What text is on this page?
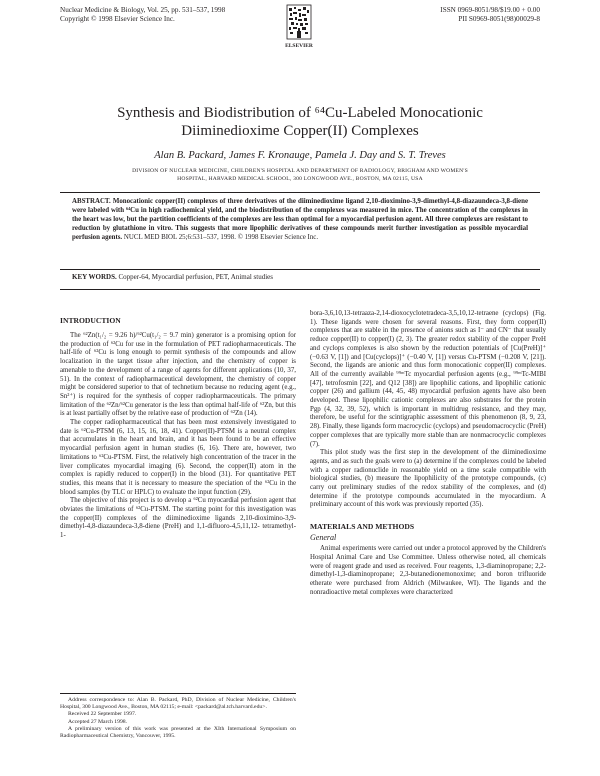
Nuclear Medicine & Biology, Vol. 25, pp. 531–537, 1998
Copyright © 1998 Elsevier Science Inc.
ELSEVIER
ISSN 0969-8051/98/$19.00 + 0.00
PII S0969-8051(98)00029-8
Synthesis and Biodistribution of ⁶⁴Cu-Labeled Monocationic
Diiminedioxime Copper(II) Complexes
Alan B. Packard, James F. Kronauge, Pamela J. Day and S. T. Treves
DIVISION OF NUCLEAR MEDICINE, CHILDREN'S HOSPITAL AND DEPARTMENT OF RADIOLOGY, BRIGHAM AND WOMEN'S
HOSPITAL, HARVARD MEDICAL SCHOOL, 300 LONGWOOD AVE., BOSTON, MA 02115, USA
ABSTRACT. Monocationic copper(II) complexes of three derivatives of the diiminedioxime ligand 2,10-dioximino-3,9-dimethyl-4,8-diazaundeca-3,8-diene were labeled with ⁶⁴Cu in high radiochemical yield, and the biodistribution of the complexes was measured in mice. The concentration of the complexes in the heart was low, but the partition coefficients of the complexes are less than optimal for a myocardial perfusion agent. All three complexes are resistant to reduction by glutathione in vitro. This suggests that more lipophilic derivatives of these compounds merit further investigation as possible myocardial perfusion agents. NUCL MED BIOL 25;6:531–537, 1998. © 1998 Elsevier Science Inc.
KEY WORDS. Copper-64, Myocardial perfusion, PET, Animal studies
INTRODUCTION

The ⁶²Zn(t₁/₂ = 9.26 h)/⁶²Cu(t₁/₂ = 9.7 min) generator is a promising option for the production of ⁶²Cu for use in the formulation of PET radiopharmaceuticals. The half-life of ⁶²Cu is long enough to permit synthesis of the compounds and allow localization in the target tissue after injection, and the chemistry of copper is amenable to the development of a range of agents for different applications (10, 37, 51). In the context of radiopharmaceutical development, the chemistry of copper might be considered superior to that of technetium because no reducing agent (e.g., Sn²⁺) is required for the synthesis of copper radiopharmaceuticals. The primary limitation of the ⁶²Zn/⁶²Cu generator is the less than optimal half-life of ⁶²Zn, but this is at least partially offset by the relative ease of production of ⁶²Zn (14).

The copper radiopharmaceutical that has been most extensively investigated to date is ⁶²Cu-PTSM (6, 13, 15, 16, 18, 41). Copper(II)-PTSM is a neutral complex that accumulates in the heart and brain, and it has been found to be an effective myocardial perfusion agent in human studies (6, 16). There are, however, two limitations to ⁶²Cu-PTSM. First, the relatively high concentration of the tracer in the liver complicates myocardial imaging (6). Second, the copper(II) atom in the complex is rapidly reduced to copper(I) in the blood (31). For quantitative PET studies, this means that it is necessary to measure the speciation of the ⁶²Cu in the blood samples (by TLC or HPLC) to evaluate the input function (29).

The objective of this project is to develop a ⁶²Cu myocardial perfusion agent that obviates the limitations of ⁶²Cu-PTSM. The starting point for this investigation was the copper(II) complexes of the diiminedioxime ligands 2,10-dioximino-3,9-dimethyl-4,8-diazaundeca-3,8-diene (PreH) and 1,1-difluoro-4,5,11,12- tetramethyl-1-

Address correspondence to: Alan B. Packard, PhD, Division of Nuclear Medicine, Children's Hospital, 300 Longwood Ave., Boston, MA 02115; e-mail: <packard@al.tch.harvard.edu>.

Received 22 September 1997.

Accepted 27 March 1998.

A preliminary version of this work was presented at the XIth International Symposium on Radiopharmaceutical Chemistry, Vancouver, 1995.

bora-3,6,10,13-tetraaza-2,14-dioxocyclotetradeca-3,5,10,12-tetraene (cyclops) (Fig. 1). These ligands were chosen for several reasons. First, they form copper(II) complexes that are stable in the presence of anions such as I⁻ and CN⁻ that usually reduce copper(II) to copper(I) (2, 3). The greater redox stability of the copper PreH and cyclops complexes is also shown by the reduction potentials of [Cu(PreH)]⁺ (−0.63 V, [1]) and [Cu(cyclops)]⁺ (−0.40 V, [1]) versus Cu-PTSM (−0.208 V, [21]). Second, the ligands are anionic and thus form monocationic copper(II) complexes. All of the currently available ⁹⁹ᵐTc myocardial perfusion agents (e.g., ⁹⁹ᵐTc-MIBI [47], tetrofosmin [22], and Q12 [38]) are lipophilic cations, and lipophilic cationic copper (26) and gallium (44, 45, 48) myocardial perfusion agents have also been developed. These lipophilic cationic complexes are also substrates for the protein Pgp (4, 32, 39, 52), which is important in multidrug resistance, and they may, therefore, be useful for the scintigraphic assessment of this phenomenon (8, 9, 23, 28). Finally, these ligands form macrocyclic (cyclops) and pseudomacrocyclic (PreH) copper complexes that are typically more stable than are nonmacrocyclic complexes (7).

This pilot study was the first step in the development of the diiminedioxime agents, and as such the goals were to (a) determine if the complexes could be labeled with a copper radionuclide in reasonable yield on a time scale compatible with biological studies, (b) measure the lipophilicity of the prototype compounds, (c) carry out preliminary studies of the redox stability of the complexes, and (d) determine if the prototype compounds accumulated in the myocardium. A preliminary account of this work was previously reported (35).

MATERIALS AND METHODS
General

Animal experiments were carried out under a protocol approved by the Children's Hospital Animal Care and Use Committee. Unless otherwise noted, all chemicals were of reagent grade and used as received. Four reagents, 1,3-diaminopropane; 2,2-dimethyl-1,3-diaminopropane; 2,3-butanedionemonoxime; and boron trifluoride etherate were purchased from Aldrich (Milwaukee, WI). The ligands and the nonradioactive metal complexes were characterized
